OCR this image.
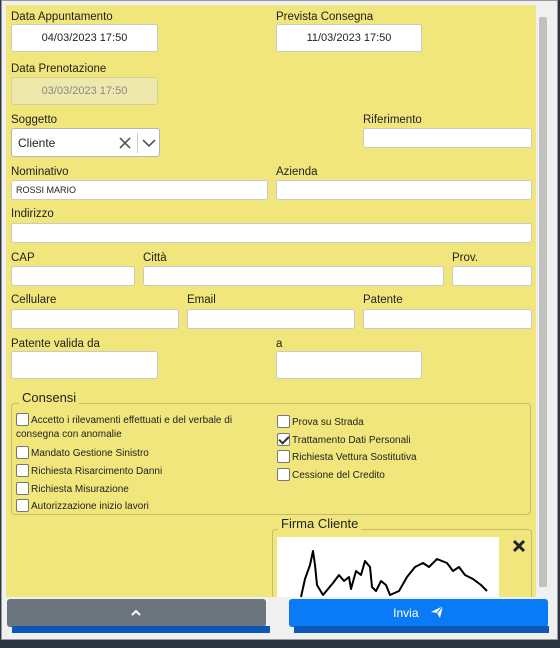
Data Appuntamento
04/03/2023 17:50
Prevista Consegna
11/03/2023 17:50
Data Prenotazione
03/03/2023 17:50
Soggetto
Cliente
Riferimento
Nominativo
ROSSI MARIO
Azienda
Indirizzo
CAP	Città	Prov.
Cellulare	Email	Patente
Patente valida da	a
Consensi
Accetto i rilevamenti effettuati e del verbale di consegna con anomalie
Mandato Gestione Sinistro
Richiesta Risarcimento Danni
Richiesta Misurazione
Autorizzazione inizio lavori
Prova su Strada
Trattamento Dati Personali
Richiesta Vettura Sostitutiva
Cessione del Credito
Firma Cliente
Invia
